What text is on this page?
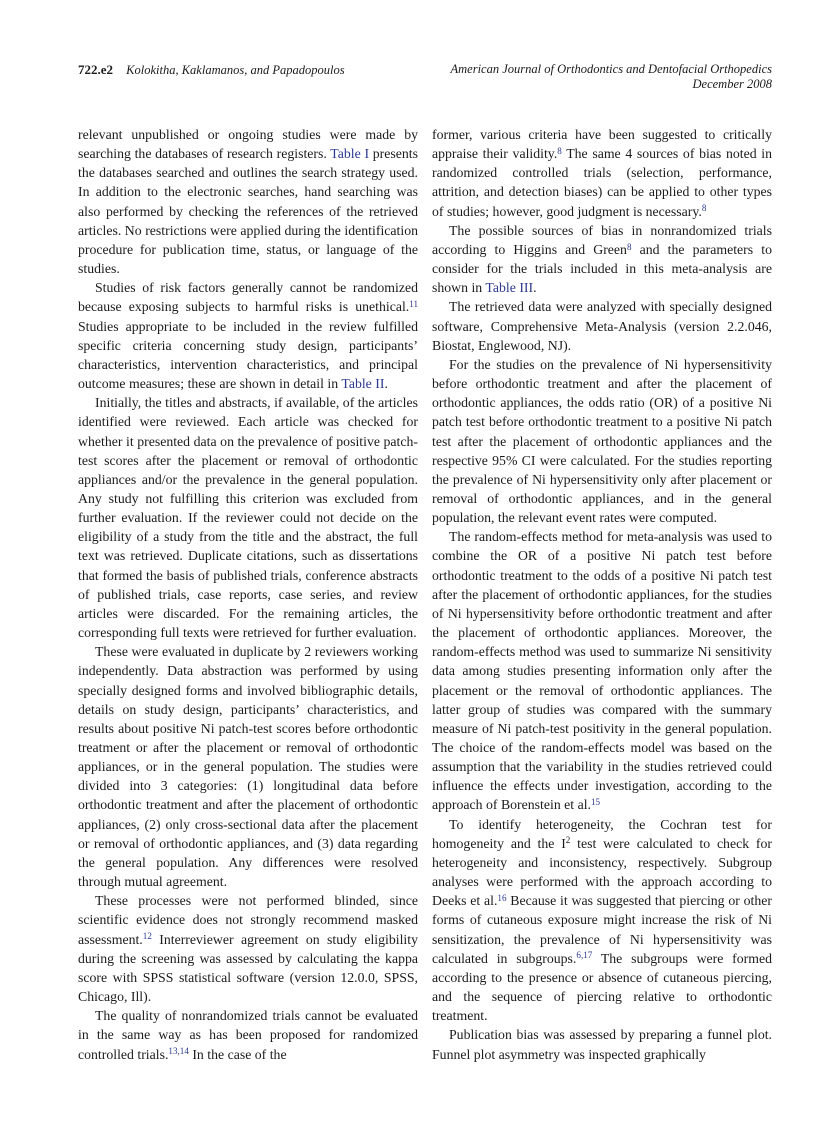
722.e2 Kolokitha, Kaklamanos, and Papadopoulos	American Journal of Orthodontics and Dentofacial Orthopedics
December 2008

relevant unpublished or ongoing studies were made by searching the databases of research registers. Table I presents the databases searched and outlines the search strategy used. In addition to the electronic searches, hand searching was also performed by checking the references of the retrieved articles. No restrictions were applied during the identification procedure for publication time, status, or language of the studies.

Studies of risk factors generally cannot be randomized because exposing subjects to harmful risks is unethical.$^{11}$ Studies appropriate to be included in the review fulfilled specific criteria concerning study design, participants’ characteristics, intervention characteristics, and principal outcome measures; these are shown in detail in Table II.

Initially, the titles and abstracts, if available, of the articles identified were reviewed. Each article was checked for whether it presented data on the prevalence of positive patch-test scores after the placement or removal of orthodontic appliances and/or the prevalence in the general population. Any study not fulfilling this criterion was excluded from further evaluation. If the reviewer could not decide on the eligibility of a study from the title and the abstract, the full text was retrieved. Duplicate citations, such as dissertations that formed the basis of published trials, conference abstracts of published trials, case reports, case series, and review articles were discarded. For the remaining articles, the corresponding full texts were retrieved for further evaluation.

These were evaluated in duplicate by 2 reviewers working independently. Data abstraction was performed by using specially designed forms and involved bibliographic details, details on study design, participants’ characteristics, and results about positive Ni patch-test scores before orthodontic treatment or after the placement or removal of orthodontic appliances, or in the general population. The studies were divided into 3 categories: (1) longitudinal data before orthodontic treatment and after the placement of orthodontic appliances, (2) only cross-sectional data after the placement or removal of orthodontic appliances, and (3) data regarding the general population. Any differences were resolved through mutual agreement.

These processes were not performed blinded, since scientific evidence does not strongly recommend masked assessment.$^{12}$ Interreviewer agreement on study eligibility during the screening was assessed by calculating the kappa score with SPSS statistical software (version 12.0.0, SPSS, Chicago, Ill).

The quality of nonrandomized trials cannot be evaluated in the same way as has been proposed for randomized controlled trials.$^{13,14}$ In the case of the

former, various criteria have been suggested to critically appraise their validity.$^8$ The same 4 sources of bias noted in randomized controlled trials (selection, performance, attrition, and detection biases) can be applied to other types of studies; however, good judgment is necessary.$^8$

The possible sources of bias in nonrandomized trials according to Higgins and Green$^8$ and the parameters to consider for the trials included in this meta-analysis are shown in Table III.

The retrieved data were analyzed with specially designed software, Comprehensive Meta-Analysis (version 2.2.046, Biostat, Englewood, NJ).

For the studies on the prevalence of Ni hypersensitivity before orthodontic treatment and after the placement of orthodontic appliances, the odds ratio (OR) of a positive Ni patch test before orthodontic treatment to a positive Ni patch test after the placement of orthodontic appliances and the respective 95% CI were calculated. For the studies reporting the prevalence of Ni hypersensitivity only after placement or removal of orthodontic appliances, and in the general population, the relevant event rates were computed.

The random-effects method for meta-analysis was used to combine the OR of a positive Ni patch test before orthodontic treatment to the odds of a positive Ni patch test after the placement of orthodontic appliances, for the studies of Ni hypersensitivity before orthodontic treatment and after the placement of orthodontic appliances. Moreover, the random-effects method was used to summarize Ni sensitivity data among studies presenting information only after the placement or the removal of orthodontic appliances. The latter group of studies was compared with the summary measure of Ni patch-test positivity in the general population. The choice of the random-effects model was based on the assumption that the variability in the studies retrieved could influence the effects under investigation, according to the approach of Borenstein et al.$^{15}$

To identify heterogeneity, the Cochran test for homogeneity and the $I^2$ test were calculated to check for heterogeneity and inconsistency, respectively. Subgroup analyses were performed with the approach according to Deeks et al.$^{16}$ Because it was suggested that piercing or other forms of cutaneous exposure might increase the risk of Ni sensitization, the prevalence of Ni hypersensitivity was calculated in subgroups.$^{6,17}$ The subgroups were formed according to the presence or absence of cutaneous piercing, and the sequence of piercing relative to orthodontic treatment.

Publication bias was assessed by preparing a funnel plot. Funnel plot asymmetry was inspected graphically
